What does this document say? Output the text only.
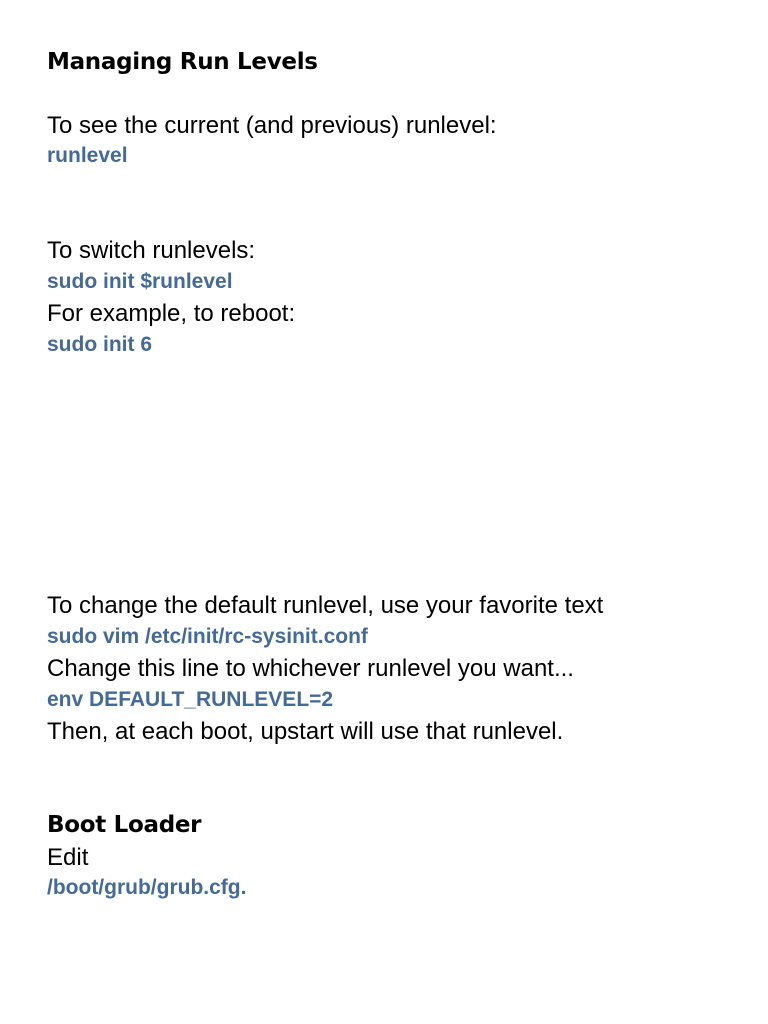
Managing Run Levels
To see the current (and previous) runlevel:
runlevel
To switch runlevels:
sudo init $runlevel
For example, to reboot:
sudo init 6
To change the default runlevel, use your favorite text
sudo vim /etc/init/rc-sysinit.conf
Change this line to whichever runlevel you want...
env DEFAULT_RUNLEVEL=2
Then, at each boot, upstart will use that runlevel.
Boot Loader
Edit
/boot/grub/grub.cfg.
